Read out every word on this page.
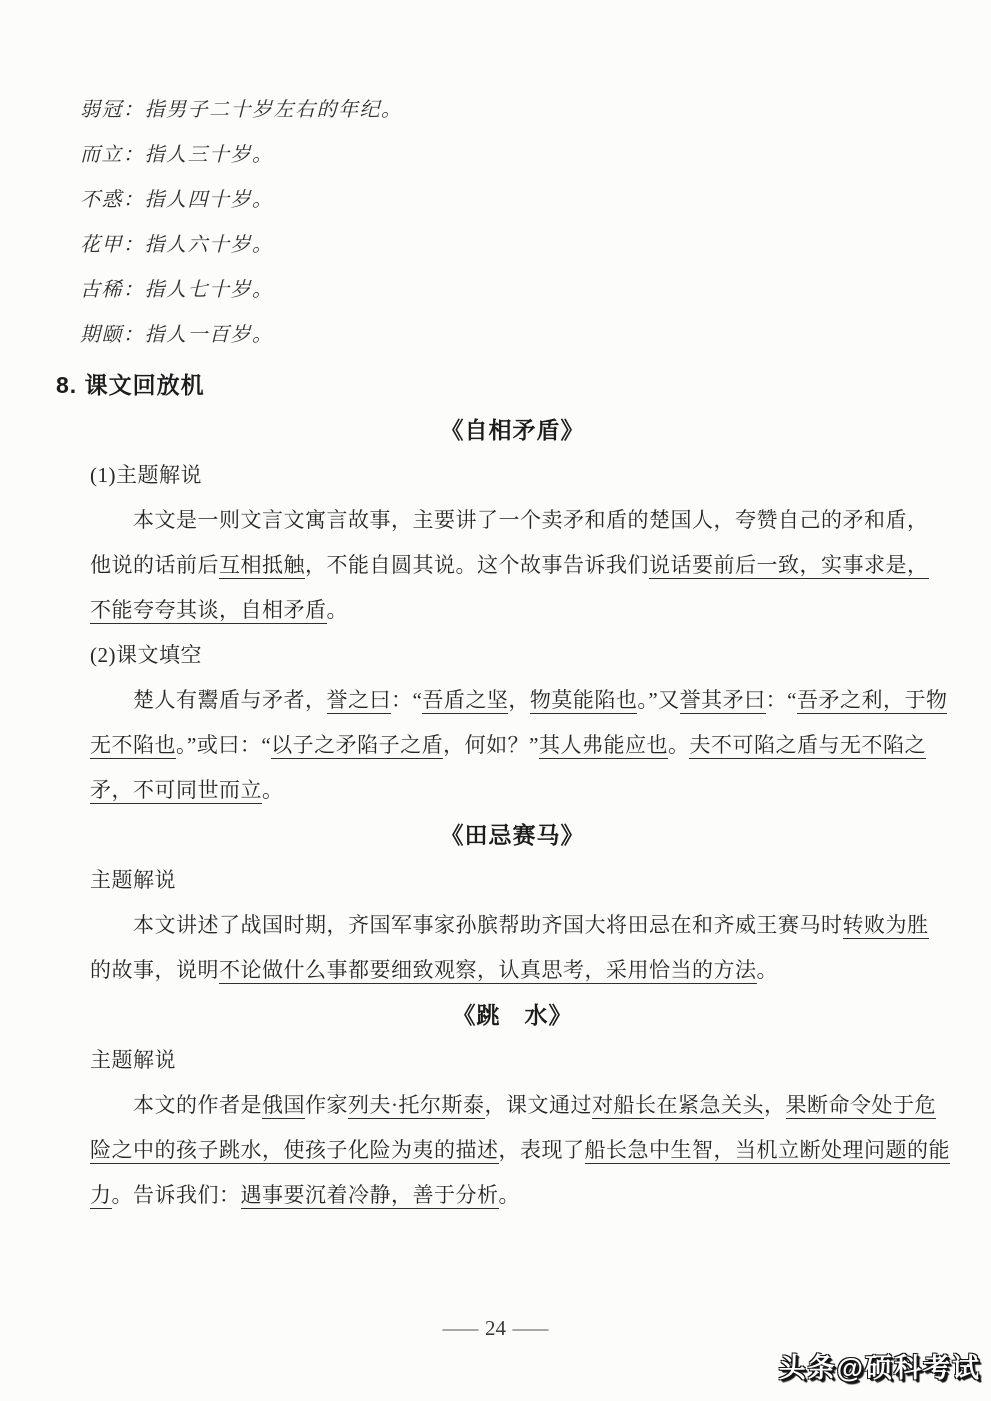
弱冠：指男子二十岁左右的年纪。
而立：指人三十岁。
不惑：指人四十岁。
花甲：指人六十岁。
古稀：指人七十岁。
期颐：指人一百岁。
8. 课文回放机
《自相矛盾》
(1)主题解说
本文是一则文言文寓言故事，主要讲了一个卖矛和盾的楚国人，夸赞自己的矛和盾，
他说的话前后互相抵触，不能自圆其说。这个故事告诉我们说话要前后一致，实事求是，
不能夸夸其谈，自相矛盾。
(2)课文填空
楚人有鬻盾与矛者，誉之曰：“吾盾之坚，物莫能陷也。”又誉其矛曰：“吾矛之利，于物
无不陷也。”或曰：“以子之矛陷子之盾，何如？”其人弗能应也。夫不可陷之盾与无不陷之
矛，不可同世而立。
《田忌赛马》
主题解说
本文讲述了战国时期，齐国军事家孙膑帮助齐国大将田忌在和齐威王赛马时转败为胜
的故事，说明不论做什么事都要细致观察，认真思考，采用恰当的方法。
《跳　水》
主题解说
本文的作者是俄国作家列夫·托尔斯泰，课文通过对船长在紧急关头，果断命令处于危
险之中的孩子跳水，使孩子化险为夷的描述，表现了船长急中生智，当机立断处理问题的能
力。告诉我们：遇事要沉着冷静，善于分析。
— 24 —
头条@硕科考试
